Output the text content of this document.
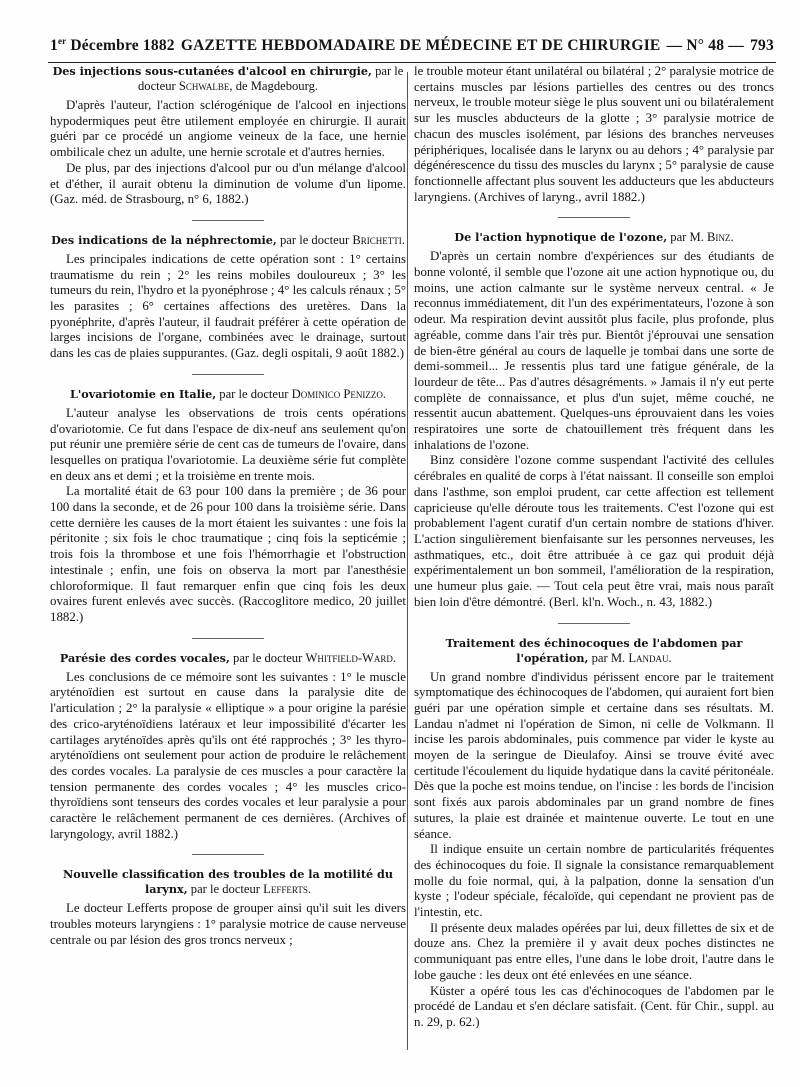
1er Décembre 1882 GAZETTE HEBDOMADAIRE DE MÉDECINE ET DE CHIRURGIE — N° 48 — 793
Des injections sous-cutanées d'alcool en chirurgie, par le docteur Schwalbe, de Magdebourg.

D'après l'auteur, l'action sclérogénique de l'alcool en injections hypodermiques peut être utilement employée en chirurgie. Il aurait guéri par ce procédé un angiome veineux de la face, une hernie ombilicale chez un adulte, une hernie scrotale et d'autres hernies.

De plus, par des injections d'alcool pur ou d'un mélange d'alcool et d'éther, il aurait obtenu la diminution de volume d'un lipome. (Gaz. méd. de Strasbourg, n° 6, 1882.)

Des indications de la néphrectomie, par le docteur Brichetti.

Les principales indications de cette opération sont : 1° certains traumatisme du rein ; 2° les reins mobiles douloureux ; 3° les tumeurs du rein, l'hydro et la pyonéphrose ; 4° les calculs rénaux ; 5° les parasites ; 6° certaines affections des uretères. Dans la pyonéphrite, d'après l'auteur, il faudrait préférer à cette opération de larges incisions de l'organe, combinées avec le drainage, surtout dans les cas de plaies suppurantes. (Gaz. degli ospitali, 9 août 1882.)

L'ovariotomie en Italie, par le docteur Dominico Penizzo.

L'auteur analyse les observations de trois cents opérations d'ovariotomie. Ce fut dans l'espace de dix-neuf ans seulement qu'on put réunir une première série de cent cas de tumeurs de l'ovaire, dans lesquelles on pratiqua l'ovariotomie. La deuxième série fut complète en deux ans et demi ; et la troisième en trente mois.

La mortalité était de 63 pour 100 dans la première ; de 36 pour 100 dans la seconde, et de 26 pour 100 dans la troisième série. Dans cette dernière les causes de la mort étaient les suivantes : une fois la péritonite ; six fois le choc traumatique ; cinq fois la septicémie ; trois fois la thrombose et une fois l'hémorrhagie et l'obstruction intestinale ; enfin, une fois on observa la mort par l'anesthésie chloroformique. Il faut remarquer enfin que cinq fois les deux ovaires furent enlevés avec succès. (Raccoglitore medico, 20 juillet 1882.)

Parésie des cordes vocales, par le docteur Whitfield-Ward.

Les conclusions de ce mémoire sont les suivantes : 1° le muscle aryténoïdien est surtout en cause dans la paralysie dite de l'articulation ; 2° la paralysie « elliptique » a pour origine la parésie des crico-aryténoïdiens latéraux et leur impossibilité d'écarter les cartilages aryténoïdes après qu'ils ont été rapprochés ; 3° les thyro-aryténoïdiens ont seulement pour action de produire le relâchement des cordes vocales. La paralysie de ces muscles a pour caractère la tension permanente des cordes vocales ; 4° les muscles crico-thyroïdiens sont tenseurs des cordes vocales et leur paralysie a pour caractère le relâchement permanent de ces dernières. (Archives of laryngology, avril 1882.)

Nouvelle classification des troubles de la motilité du larynx, par le docteur Lefferts.

Le docteur Lefferts propose de grouper ainsi qu'il suit les divers troubles moteurs laryngiens : 1° paralysie motrice de cause nerveuse centrale ou par lésion des gros troncs nerveux ;

le trouble moteur étant unilatéral ou bilatéral ; 2° paralysie motrice de certains muscles par lésions partielles des centres ou des troncs nerveux, le trouble moteur siège le plus souvent uni ou bilatéralement sur les muscles abducteurs de la glotte ; 3° paralysie motrice de chacun des muscles isolément, par lésions des branches nerveuses périphériques, localisée dans le larynx ou au dehors ; 4° paralysie par dégénérescence du tissu des muscles du larynx ; 5° paralysie de cause fonctionnelle affectant plus souvent les adducteurs que les abducteurs laryngiens. (Archives of laryng., avril 1882.)

De l'action hypnotique de l'ozone, par M. Binz.

D'après un certain nombre d'expériences sur des étudiants de bonne volonté, il semble que l'ozone ait une action hypnotique ou, du moins, une action calmante sur le système nerveux central. « Je reconnus immédiatement, dit l'un des expérimentateurs, l'ozone à son odeur. Ma respiration devint aussitôt plus facile, plus profonde, plus agréable, comme dans l'air très pur. Bientôt j'éprouvai une sensation de bien-être général au cours de laquelle je tombai dans une sorte de demi-sommeil... Je ressentis plus tard une fatigue générale, de la lourdeur de tête... Pas d'autres désagréments. » Jamais il n'y eut perte complète de connaissance, et plus d'un sujet, même couché, ne ressentit aucun abattement. Quelques-uns éprouvaient dans les voies respiratoires une sorte de chatouillement très fréquent dans les inhalations de l'ozone.

Binz considère l'ozone comme suspendant l'activité des cellules cérébrales en qualité de corps à l'état naissant. Il conseille son emploi dans l'asthme, son emploi prudent, car cette affection est tellement capricieuse qu'elle déroute tous les traitements. C'est l'ozone qui est probablement l'agent curatif d'un certain nombre de stations d'hiver. L'action singulièrement bienfaisante sur les personnes nerveuses, les asthmatiques, etc., doit être attribuée à ce gaz qui produit déjà expérimentalement un bon sommeil, l'amélioration de la respiration, une humeur plus gaie. — Tout cela peut être vrai, mais nous paraît bien loin d'être démontré. (Berl. kl'n. Woch., n. 43, 1882.)

Traitement des échinocoques de l'abdomen par l'opération, par M. Landau.

Un grand nombre d'individus périssent encore par le traitement symptomatique des échinocoques de l'abdomen, qui auraient fort bien guéri par une opération simple et certaine dans ses résultats. M. Landau n'admet ni l'opération de Simon, ni celle de Volkmann. Il incise les parois abdominales, puis commence par vider le kyste au moyen de la seringue de Dieulafoy. Ainsi se trouve évité avec certitude l'écoulement du liquide hydatique dans la cavité péritonéale. Dès que la poche est moins tendue, on l'incise : les bords de l'incision sont fixés aux parois abdominales par un grand nombre de fines sutures, la plaie est drainée et maintenue ouverte. Le tout en une séance.

Il indique ensuite un certain nombre de particularités fréquentes des échinocoques du foie. Il signale la consistance remarquablement molle du foie normal, qui, à la palpation, donne la sensation d'un kyste ; l'odeur spéciale, fécaloïde, qui cependant ne provient pas de l'intestin, etc.

Il présente deux malades opérées par lui, deux fillettes de six et de douze ans. Chez la première il y avait deux poches distinctes ne communiquant pas entre elles, l'une dans le lobe droit, l'autre dans le lobe gauche : les deux ont été enlevées en une séance.

Küster a opéré tous les cas d'échinocoques de l'abdomen par le procédé de Landau et s'en déclare satisfait. (Cent. für Chir., suppl. au n. 29, p. 62.)
